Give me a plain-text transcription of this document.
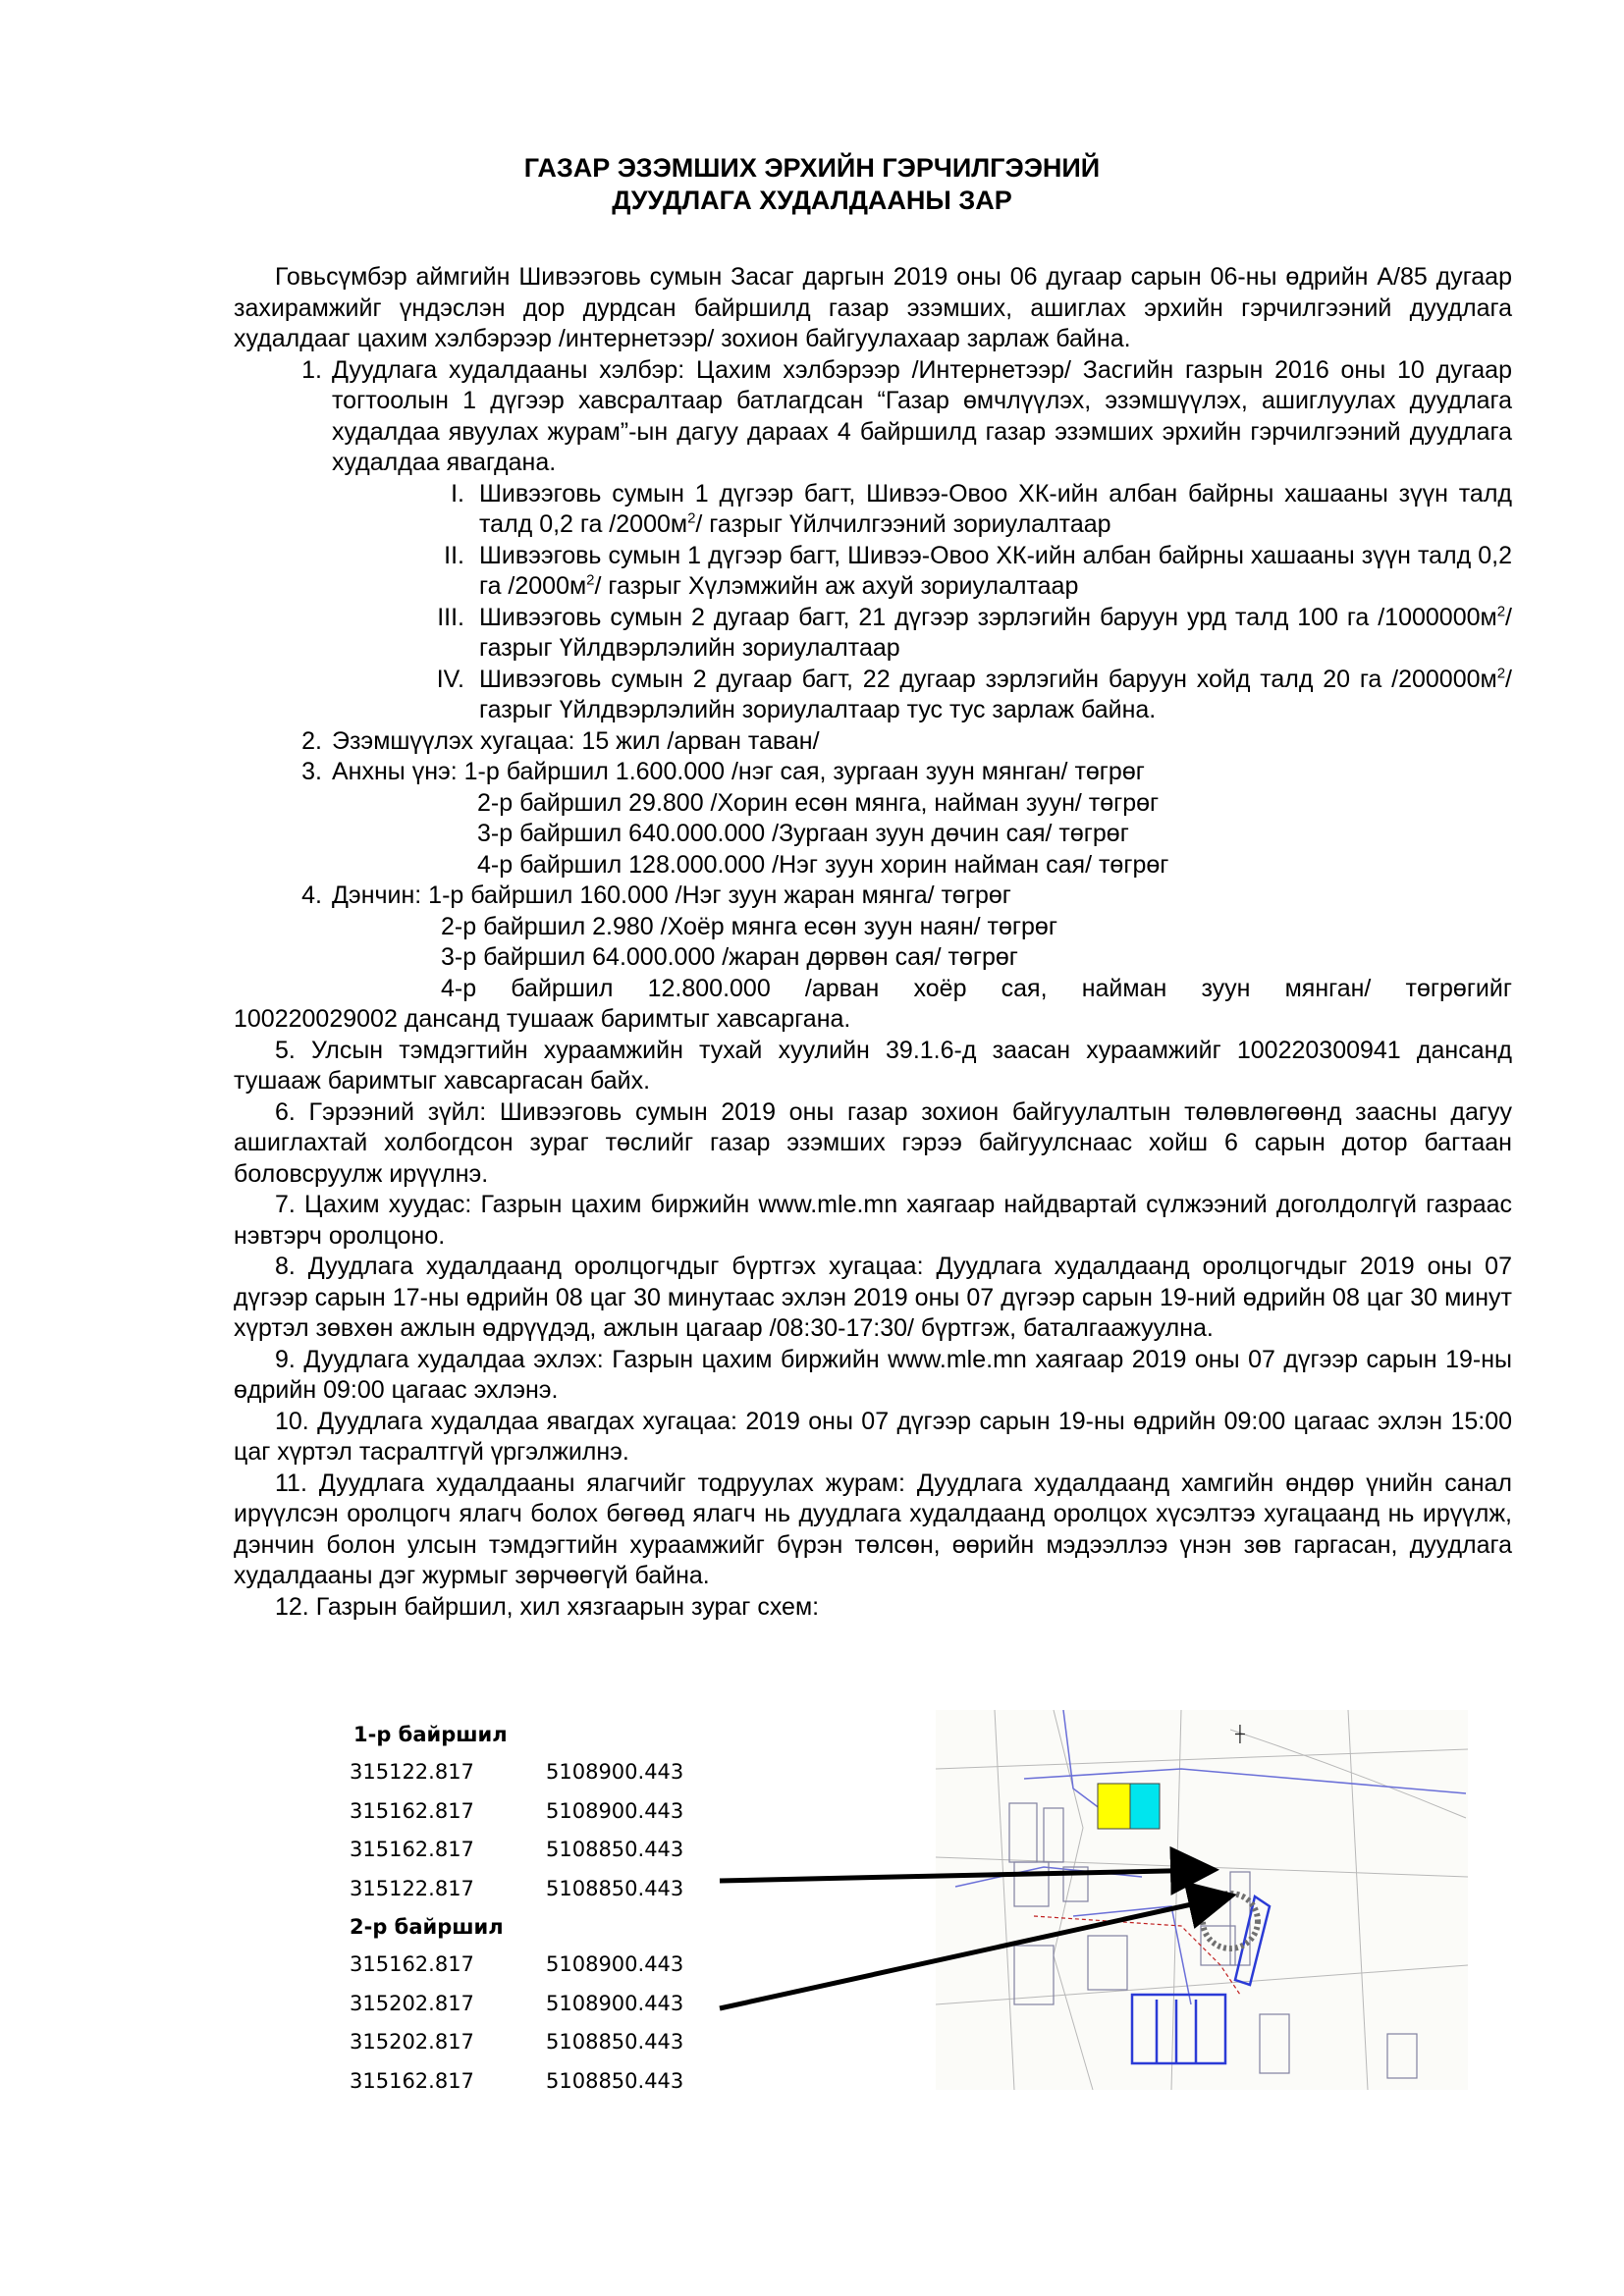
ГАЗАР ЭЗЭМШИХ ЭРХИЙН ГЭРЧИЛГЭЭНИЙ
ДУУДЛАГА ХУДАЛДААНЫ ЗАР

Говьсүмбэр аймгийн Шивээговь сумын Засаг даргын 2019 оны 06 дугаар сарын 06-ны өдрийн А/85 дугаар захирамжийг үндэслэн дор дурдсан байршилд газар эзэмших, ашиглах эрхийн гэрчилгээний дуудлага худалдааг цахим хэлбэрээр /интернетээр/ зохион байгуулахаар зарлаж байна.

1. Дуудлага худалдааны хэлбэр: Цахим хэлбэрээр /Интернетээр/ Засгийн газрын 2016 оны 10 дугаар тогтоолын 1 дүгээр хавсралтаар батлагдсан “Газар өмчлүүлэх, эзэмшүүлэх, ашиглуулах дуудлага худалдаа явуулах журам”-ын дагуу дараах 4 байршилд газар эзэмших эрхийн гэрчилгээний дуудлага худалдаа явагдана.
I. Шивээговь сумын 1 дүгээр багт, Шивээ-Овоо ХК-ийн албан байрны хашааны зүүн талд талд 0,2 га $/2000м^2/$ газрыг Үйлчилгээний зориулалтаар
II. Шивээговь сумын 1 дүгээр багт, Шивээ-Овоо ХК-ийн албан байрны хашааны зүүн талд 0,2 га $/2000м^2/$ газрыг Хүлэмжийн аж ахуй зориулалтаар
III. Шивээговь сумын 2 дугаар багт, 21 дүгээр зэрлэгийн баруун урд талд 100 га $/1000000м^2/$ газрыг Үйлдвэрлэлийн зориулалтаар
IV. Шивээговь сумын 2 дугаар багт, 22 дугаар зэрлэгийн баруун хойд талд 20 га $/200000м^2/$ газрыг Үйлдвэрлэлийн зориулалтаар тус тус зарлаж байна.
2. Эзэмшүүлэх хугацаа: 15 жил /арван таван/
3. Анхны үнэ: 1-р байршил 1.600.000 /нэг сая, зургаан зуун мянган/ төгрөг
2-р байршил 29.800 /Хорин есөн мянга, найман зуун/ төгрөг
3-р байршил 640.000.000 /Зургаан зуун дөчин сая/ төгрөг
4-р байршил 128.000.000 /Нэг зуун хорин найман сая/ төгрөг
4. Дэнчин: 1-р байршил 160.000 /Нэг зуун жаран мянга/ төгрөг
2-р байршил 2.980 /Хоёр мянга есөн зуун наян/ төгрөг
3-р байршил 64.000.000 /жаран дөрвөн сая/ төгрөг
4-р байршил 12.800.000 /арван хоёр сая, найман зуун мянган/ төгрөгийг

100220029002 дансанд тушааж баримтыг хавсаргана.

5. Улсын тэмдэгтийн хураамжийн тухай хуулийн 39.1.6-д заасан хураамжийг 100220300941 дансанд тушааж баримтыг хавсаргасан байх.

6. Гэрээний зүйл: Шивээговь сумын 2019 оны газар зохион байгуулалтын төлөвлөгөөнд заасны дагуу ашиглахтай холбогдсон зураг төслийг газар эзэмших гэрээ байгуулснаас хойш 6 сарын дотор багтаан боловсруулж ирүүлнэ.

7. Цахим хуудас: Газрын цахим биржийн www.mle.mn хаягаар найдвартай сүлжээний доголдолгүй газраас нэвтэрч оролцоно.

8. Дуудлага худалдаанд оролцогчдыг бүртгэх хугацаа: Дуудлага худалдаанд оролцогчдыг 2019 оны 07 дүгээр сарын 17-ны өдрийн 08 цаг 30 минутаас эхлэн 2019 оны 07 дүгээр сарын 19-ний өдрийн 08 цаг 30 минут хүртэл зөвхөн ажлын өдрүүдэд, ажлын цагаар /08:30-17:30/ бүртгэж, баталгаажуулна.

9. Дуудлага худалдаа эхлэх: Газрын цахим биржийн www.mle.mn хаягаар 2019 оны 07 дүгээр сарын 19-ны өдрийн 09:00 цагаас эхлэнэ.

10. Дуудлага худалдаа явагдах хугацаа: 2019 оны 07 дүгээр сарын 19-ны өдрийн 09:00 цагаас эхлэн 15:00 цаг хүртэл тасралтгүй үргэлжилнэ.

11. Дуудлага худалдааны ялагчийг тодруулах журам: Дуудлага худалдаанд хамгийн өндөр үнийн санал ирүүлсэн оролцогч ялагч болох бөгөөд ялагч нь дуудлага худалдаанд оролцох хүсэлтээ хугацаанд нь ирүүлж, дэнчин болон улсын тэмдэгтийн хураамжийг бүрэн төлсөн, өөрийн мэдээллээ үнэн зөв гаргасан, дуудлага худалдааны дэг журмыг зөрчөөгүй байна.

12. Газрын байршил, хил хязгаарын зураг схем:

1-р байршил
315122.817	5108900.443
315162.817	5108900.443
315162.817	5108850.443
315122.817	5108850.443
2-р байршил
315162.817	5108900.443
315202.817	5108900.443
315202.817	5108850.443
315162.817	5108850.443
┼
